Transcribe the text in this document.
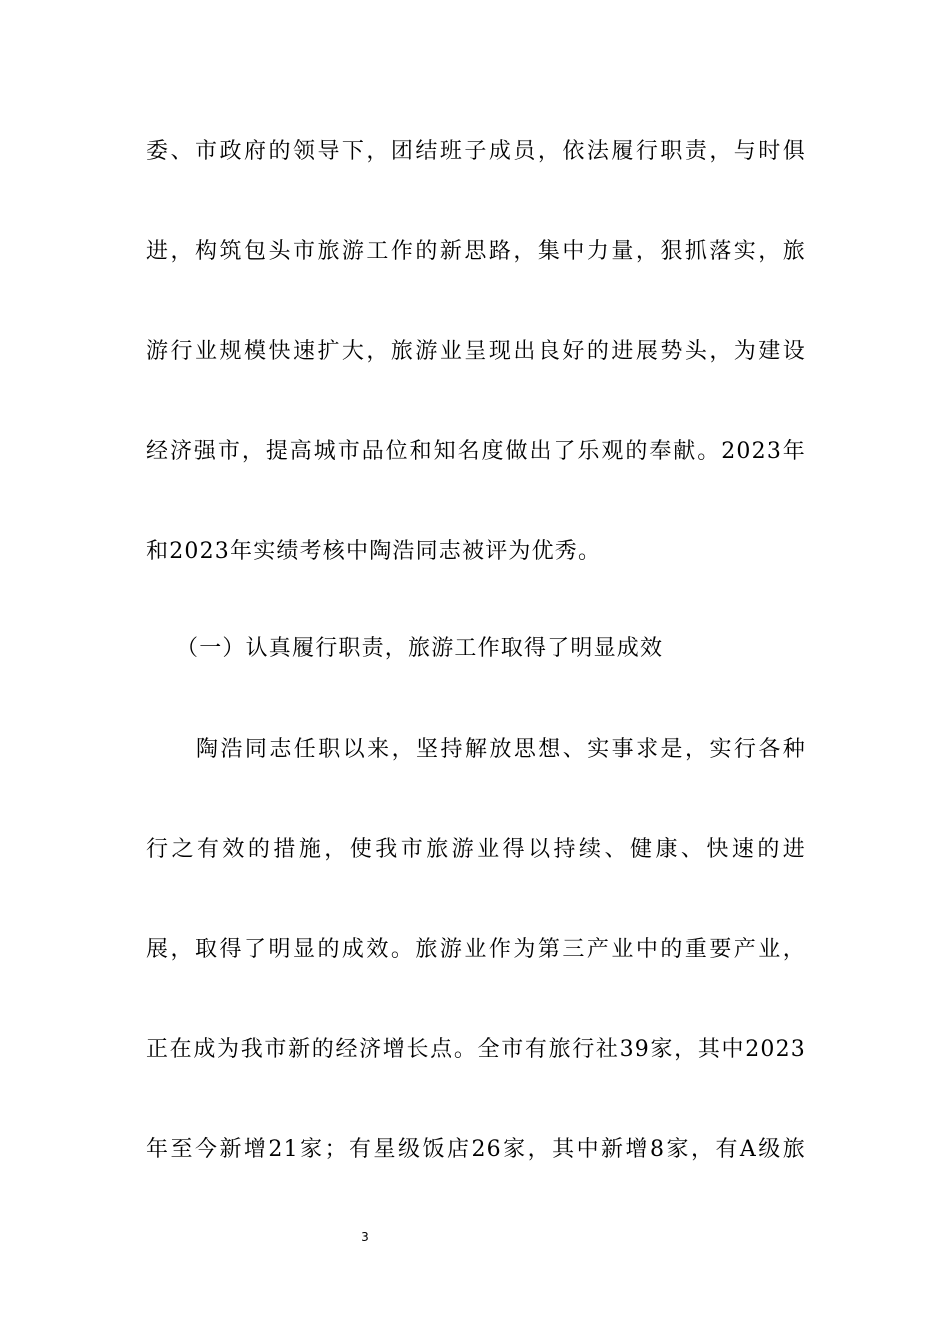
委、市政府的领导下，团结班子成员，依法履行职责，与时俱
进，构筑包头市旅游工作的新思路，集中力量，狠抓落实，旅
游行业规模快速扩大，旅游业呈现出良好的进展势头，为建设
经济强市，提高城市品位和知名度做出了乐观的奉献。2023年
和2023年实绩考核中陶浩同志被评为优秀。
（一）认真履行职责，旅游工作取得了明显成效
陶浩同志任职以来，坚持解放思想、实事求是，实行各种
行之有效的措施，使我市旅游业得以持续、健康、快速的进
展，取得了明显的成效。旅游业作为第三产业中的重要产业，
正在成为我市新的经济增长点。全市有旅行社39家，其中2023
年至今新增21家；有星级饭店26家，其中新增8家，有A级旅
3
